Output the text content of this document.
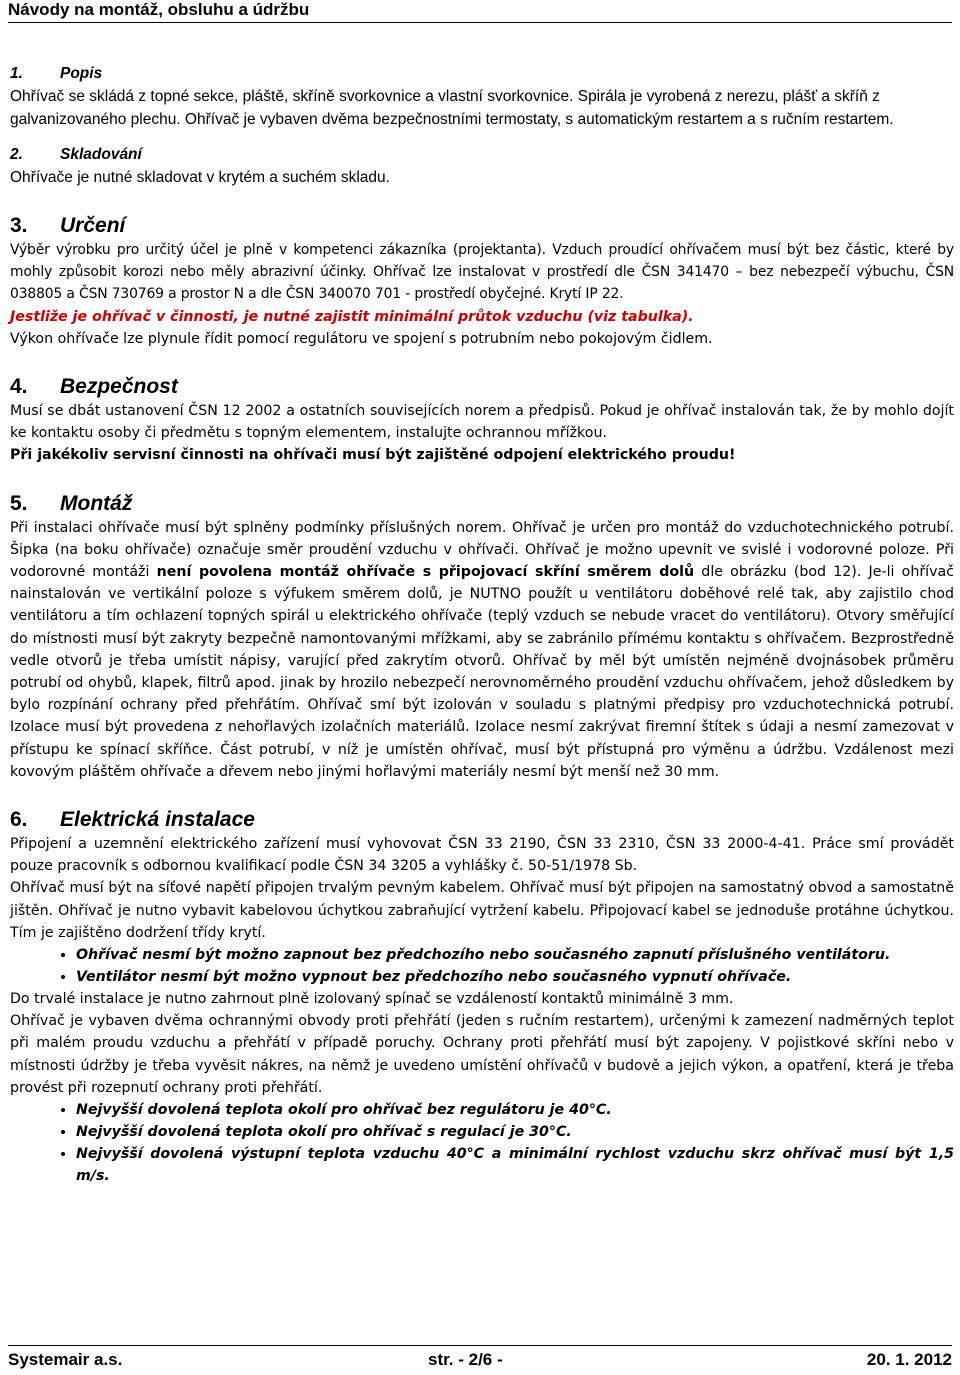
Návody na montáž, obsluhu a údržbu
1. Popis

Ohřívač se skládá z topné sekce, pláště, skříně svorkovnice a vlastní svorkovnice. Spirála je vyrobená z nerezu, plášť a skříň z galvanizovaného plechu. Ohřívač je vybaven dvěma bezpečnostními termostaty, s automatickým restartem a s ručním restartem.

2. Skladování

Ohřívače je nutné skladovat v krytém a suchém skladu.

3. Určení

Výběr výrobku pro určitý účel je plně v kompetenci zákazníka (projektanta). Vzduch proudící ohřívačem musí být bez částic, které by mohly způsobit korozi nebo měly abrazivní účinky. Ohřívač lze instalovat v prostředí dle ČSN 341470 – bez nebezpečí výbuchu, ČSN 038805 a ČSN 730769 a prostor N a dle ČSN 340070 701 - prostředí obyčejné. Krytí IP 22.

Jestliže je ohřívač v činnosti, je nutné zajistit minimální průtok vzduchu (viz tabulka).

Výkon ohřívače lze plynule řídit pomocí regulátoru ve spojení s potrubním nebo pokojovým čidlem.

4. Bezpečnost

Musí se dbát ustanovení ČSN 12 2002 a ostatních souvisejících norem a předpisů. Pokud je ohřívač instalován tak, že by mohlo dojít ke kontaktu osoby či předmětu s topným elementem, instalujte ochrannou mřížkou.

Při jakékoliv servisní činnosti na ohřívači musí být zajištěné odpojení elektrického proudu!

5. Montáž

Při instalaci ohřívače musí být splněny podmínky příslušných norem. Ohřívač je určen pro montáž do vzduchotechnického potrubí. Šipka (na boku ohřívače) označuje směr proudění vzduchu v ohřívači. Ohřívač je možno upevnit ve svislé i vodorovné poloze. Při vodorovné montáži není povolena montáž ohřívače s připojovací skříní směrem dolů dle obrázku (bod 12). Je-li ohřívač nainstalován ve vertikální poloze s výfukem směrem dolů, je NUTNO použít u ventilátoru doběhové relé tak, aby zajistilo chod ventilátoru a tím ochlazení topných spirál u elektrického ohřívače (teplý vzduch se nebude vracet do ventilátoru). Otvory směřující do místnosti musí být zakryty bezpečně namontovanými mřížkami, aby se zabránilo přímému kontaktu s ohřívačem. Bezprostředně vedle otvorů je třeba umístit nápisy, varující před zakrytím otvorů. Ohřívač by měl být umístěn nejméně dvojnásobek průměru potrubí od ohybů, klapek, filtrů apod. jinak by hrozilo nebezpečí nerovnoměrného proudění vzduchu ohřívačem, jehož důsledkem by bylo rozpínání ochrany před přehřátím. Ohřívač smí být izolován v souladu s platnými předpisy pro vzduchotechnická potrubí. Izolace musí být provedena z nehořlavých izolačních materiálů. Izolace nesmí zakrývat firemní štítek s údaji a nesmí zamezovat v přístupu ke spínací skříňce. Část potrubí, v níž je umístěn ohřívač, musí být přístupná pro výměnu a údržbu. Vzdálenost mezi kovovým pláštěm ohřívače a dřevem nebo jinými hořlavými materiály nesmí být menší než 30 mm.

6. Elektrická instalace

Připojení a uzemnění elektrického zařízení musí vyhovovat ČSN 33 2190, ČSN 33 2310, ČSN 33 2000-4-41. Práce smí provádět pouze pracovník s odbornou kvalifikací podle ČSN 34 3205 a vyhlášky č. 50-51/1978 Sb.

Ohřívač musí být na síťové napětí připojen trvalým pevným kabelem. Ohřívač musí být připojen na samostatný obvod a samostatně jištěn. Ohřívač je nutno vybavit kabelovou úchytkou zabraňující vytržení kabelu. Připojovací kabel se jednoduše protáhne úchytkou. Tím je zajištěno dodržení třídy krytí.

• Ohřívač nesmí být možno zapnout bez předchozího nebo současného zapnutí příslušného ventilátoru.
• Ventilátor nesmí být možno vypnout bez předchozího nebo současného vypnutí ohřívače.

Do trvalé instalace je nutno zahrnout plně izolovaný spínač se vzdáleností kontaktů minimálně 3 mm.

Ohřívač je vybaven dvěma ochrannými obvody proti přehřátí (jeden s ručním restartem), určenými k zamezení nadměrných teplot při malém proudu vzduchu a přehřátí v případě poruchy. Ochrany proti přehřátí musí být zapojeny. V pojistkové skříni nebo v místnosti údržby je třeba vyvěsit nákres, na němž je uvedeno umístění ohřívačů v budově a jejich výkon, a opatření, která je třeba provést při rozepnutí ochrany proti přehřátí.

• Nejvyšší dovolená teplota okolí pro ohřívač bez regulátoru je 40°C.
• Nejvyšší dovolená teplota okolí pro ohřívač s regulací je 30°C.
• Nejvyšší dovolená výstupní teplota vzduchu 40°C a minimální rychlost vzduchu skrz ohřívač musí být 1,5 m/s.
Systemair a.s.	str. - 2/6 -	20. 1. 2012
